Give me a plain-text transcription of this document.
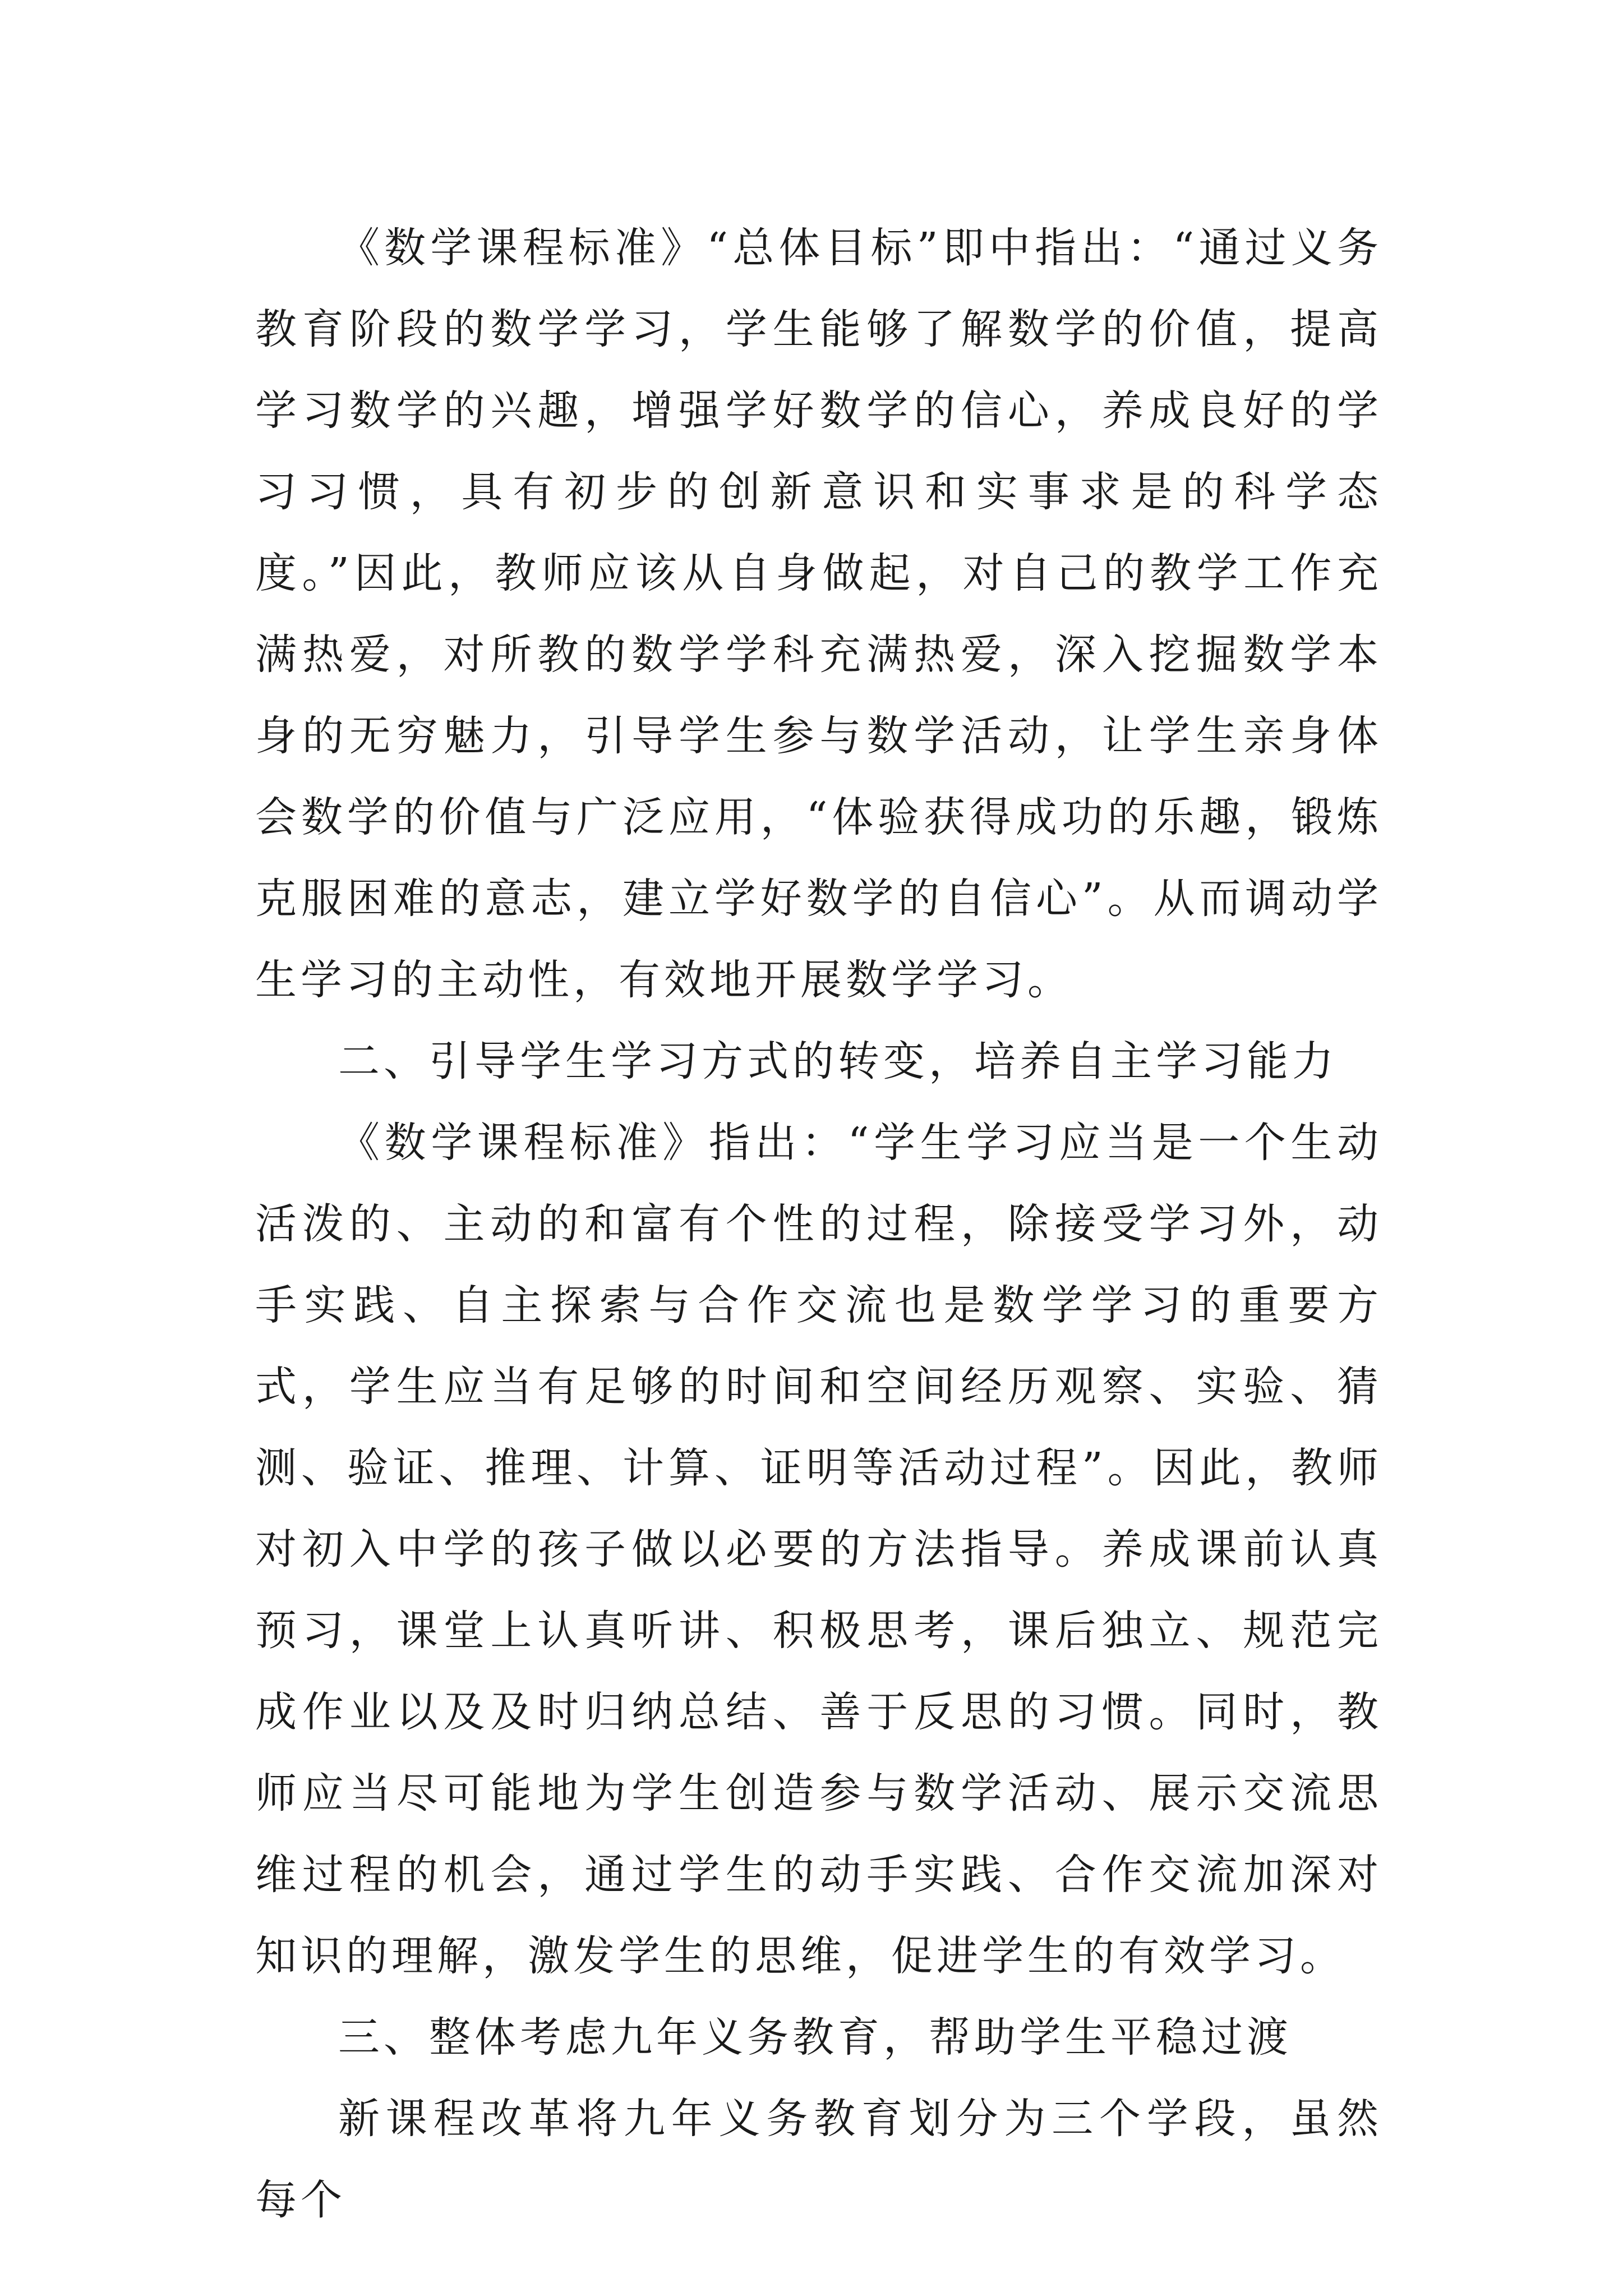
《数学课程标准》“总体目标”即中指出：“通过义务教育阶段的数学学习，学生能够了解数学的价值，提高学习数学的兴趣，增强学好数学的信心，养成良好的学习习惯，具有初步的创新意识和实事求是的科学态度。”因此，教师应该从自身做起，对自己的教学工作充满热爱，对所教的数学学科充满热爱，深入挖掘数学本身的无穷魅力，引导学生参与数学活动，让学生亲身体会数学的价值与广泛应用，“体验获得成功的乐趣，锻炼克服困难的意志，建立学好数学的自信心”。从而调动学生学习的主动性，有效地开展数学学习。

二、引导学生学习方式的转变，培养自主学习能力

《数学课程标准》指出：“学生学习应当是一个生动活泼的、主动的和富有个性的过程，除接受学习外，动手实践、自主探索与合作交流也是数学学习的重要方式，学生应当有足够的时间和空间经历观察、实验、猜测、验证、推理、计算、证明等活动过程”。因此，教师对初入中学的孩子做以必要的方法指导。养成课前认真预习，课堂上认真听讲、积极思考，课后独立、规范完成作业以及及时归纳总结、善于反思的习惯。同时，教师应当尽可能地为学生创造参与数学活动、展示交流思维过程的机会，通过学生的动手实践、合作交流加深对知识的理解，激发学生的思维，促进学生的有效学习。

三、整体考虑九年义务教育，帮助学生平稳过渡

新课程改革将九年义务教育划分为三个学段，虽然每个
